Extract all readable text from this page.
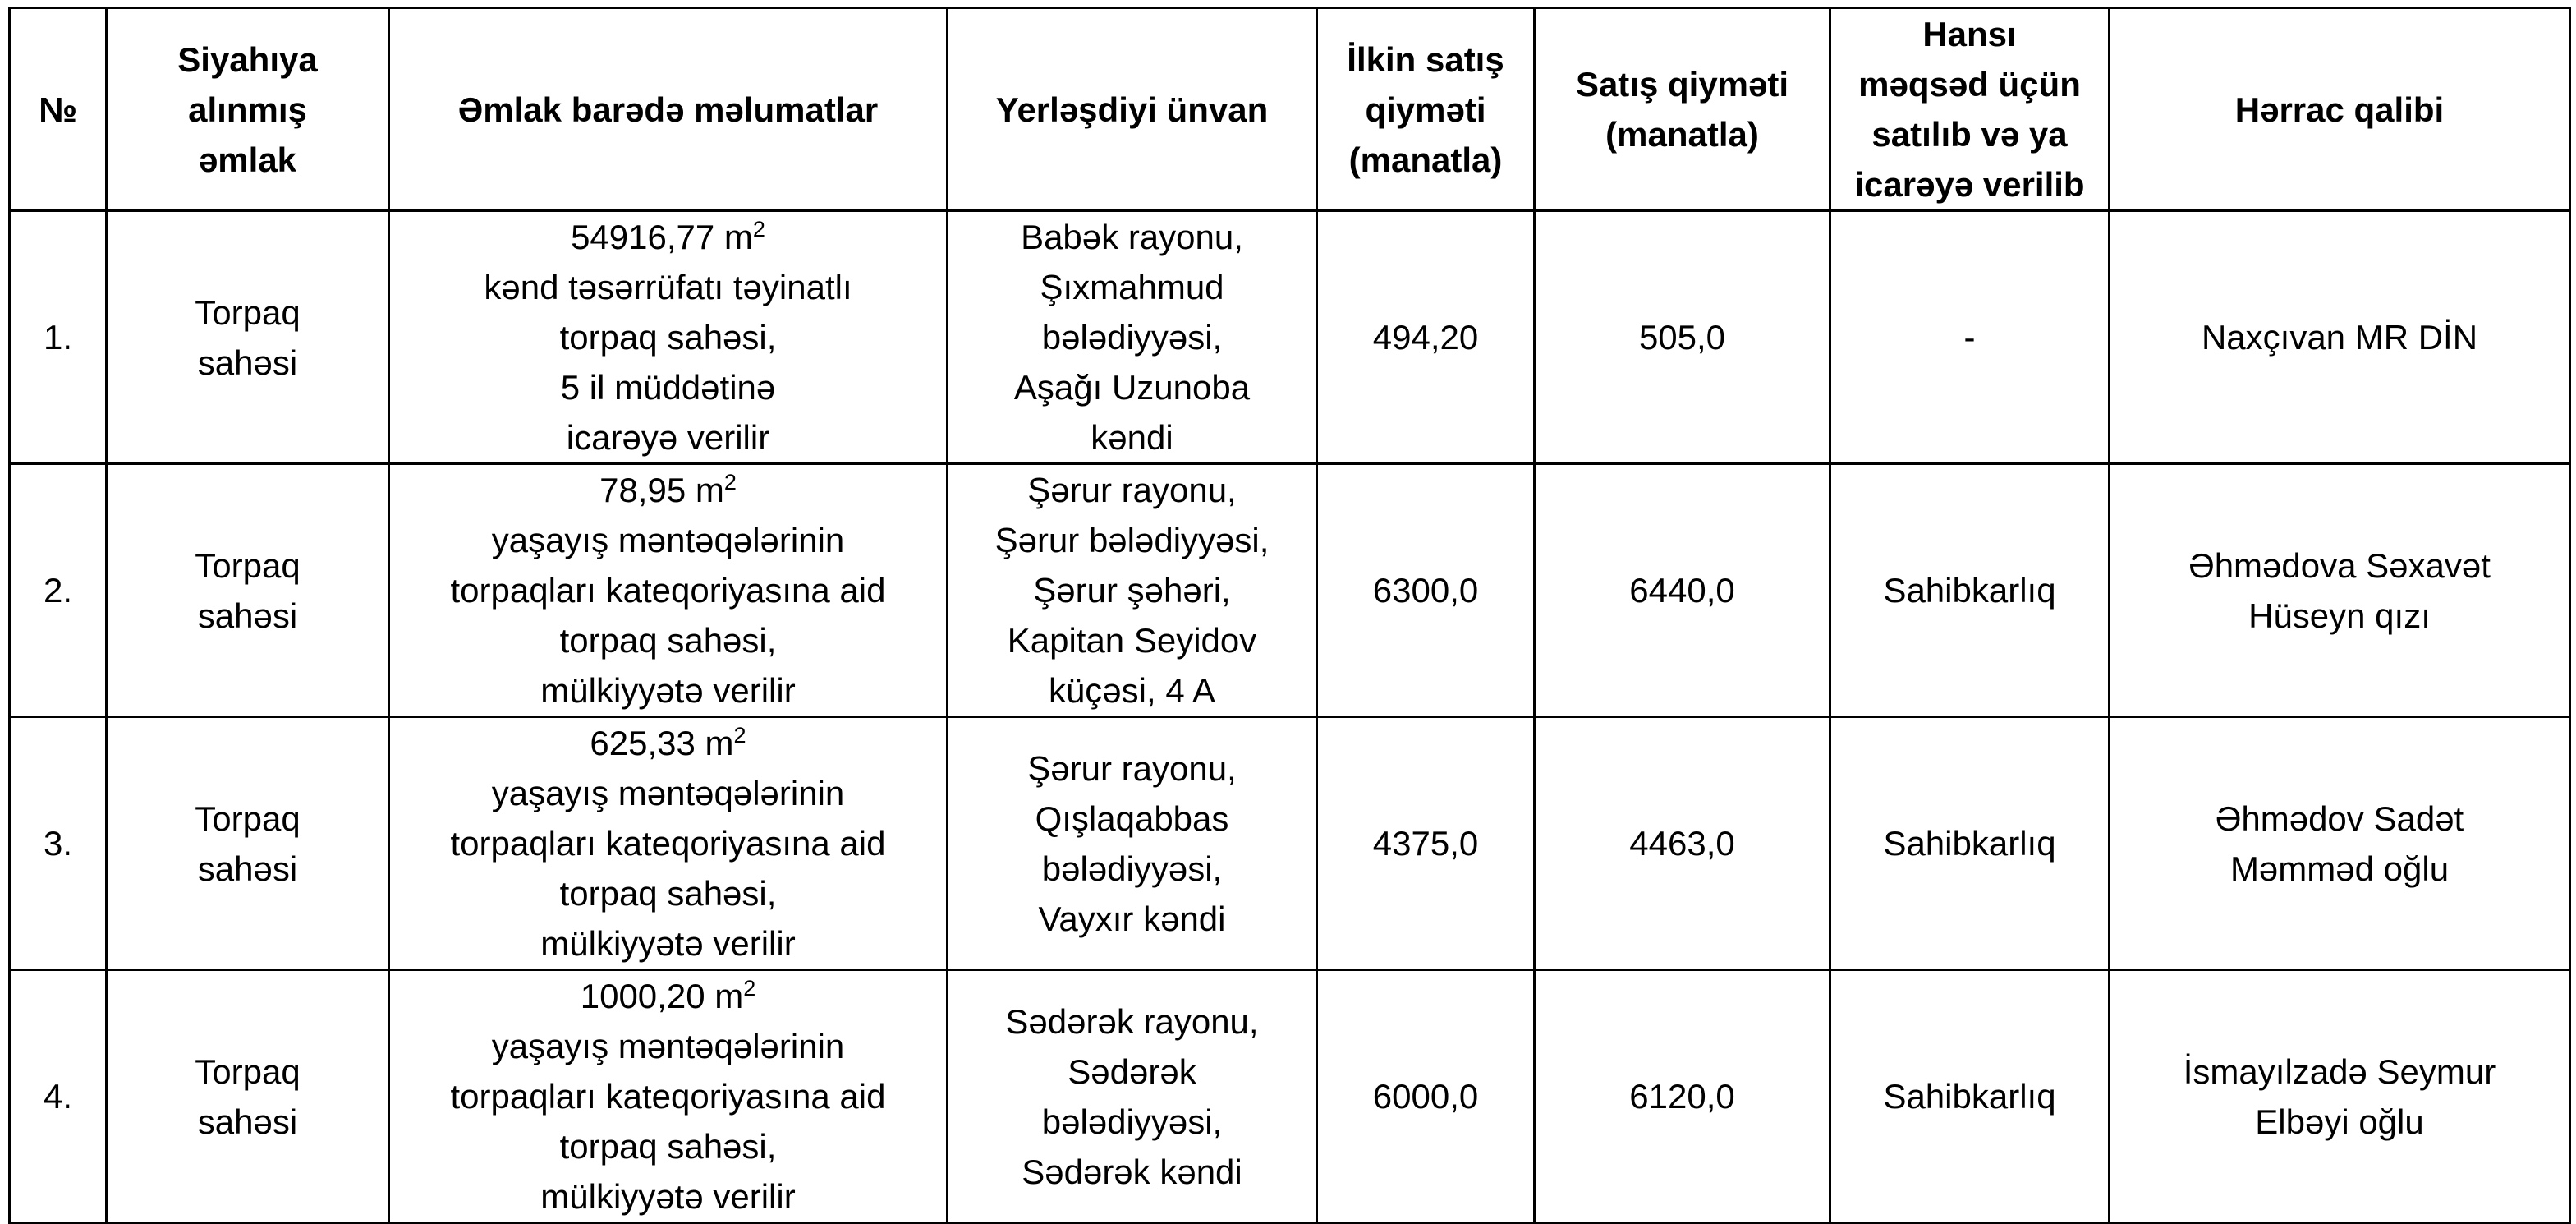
№	Siyahıya
alınmış
əmlak	Əmlak barədə məlumatlar	Yerləşdiyi ünvan	İlkin satış
qiyməti
(manatla)	Satış qiyməti
(manatla)	Hansı
məqsəd üçün
satılıb və ya
icarəyə verilib	Hərrac qalibi

1.	Torpaq
sahəsi	54916,77 $m^2$
kənd təsərrüfatı təyinatlı
torpaq sahəsi,
5 il müddətinə
icarəyə verilir	Babək rayonu,
Şıxmahmud
bələdiyyəsi,
Aşağı Uzunoba
kəndi	494,20	505,0	-	Naxçıvan MR DİN

2.	Torpaq
sahəsi	78,95 $m^2$
yaşayış məntəqələrinin
torpaqları kateqoriyasına aid
torpaq sahəsi,
mülkiyyətə verilir	Şərur rayonu,
Şərur bələdiyyəsi,
Şərur şəhəri,
Kapitan Seyidov
küçəsi, 4 A	6300,0	6440,0	Sahibkarlıq	Əhmədova Səxavət
Hüseyn qızı

3.	Torpaq
sahəsi	625,33 $m^2$
yaşayış məntəqələrinin
torpaqları kateqoriyasına aid
torpaq sahəsi,
mülkiyyətə verilir	Şərur rayonu,
Qışlaqabbas
bələdiyyəsi,
Vayxır kəndi	4375,0	4463,0	Sahibkarlıq	Əhmədov Sadət
Məmməd oğlu

4.	Torpaq
sahəsi	1000,20 $m^2$
yaşayış məntəqələrinin
torpaqları kateqoriyasına aid
torpaq sahəsi,
mülkiyyətə verilir	Sədərək rayonu,
Sədərək
bələdiyyəsi,
Sədərək kəndi	6000,0	6120,0	Sahibkarlıq	İsmayılzadə Seymur
Elbəyi oğlu
